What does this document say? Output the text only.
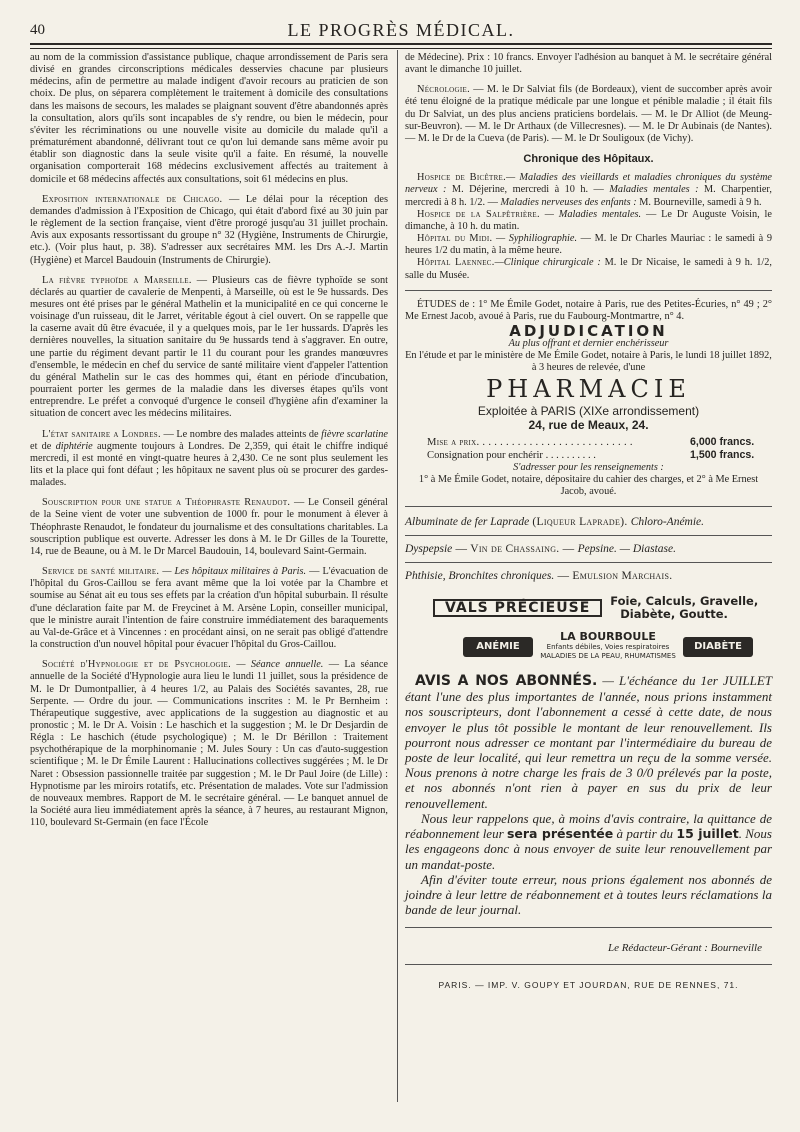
40	LE PROGRÈS MÉDICAL.

au nom de la commission d'assistance publique, chaque arrondissement de Paris sera divisé en grandes circonscriptions médicales desservies chacune par plusieurs médecins, afin de permettre au malade indigent d'avoir recours au praticien de son choix. De plus, on séparera complètement le traitement à domicile des consultations dans les maisons de secours, les malades se plaignant souvent d'être abandonnés après la consultation, alors qu'ils sont incapables de s'y rendre, ou bien le médecin, pour s'éviter les récriminations ou une nouvelle visite au domicile du malade qu'il a prématurément abandonné, délivrant tout ce qu'on lui demande sans même avoir pu établir son diagnostic dans la seule visite qu'il a faite. En résumé, la nouvelle organisation comporterait 168 médecins exclusivement affectés au traitement à domicile et 68 médecins affectés aux consultations, soit 61 médecins en plus.

Exposition internationale de Chicago. — Le délai pour la réception des demandes d'admission à l'Exposition de Chicago, qui était d'abord fixé au 30 juin par le règlement de la section française, vient d'être prorogé jusqu'au 31 juillet prochain. Avis aux exposants ressortissant du groupe n° 32 (Hygiène, Instruments de Chirurgie, etc.). (Voir plus haut, p. 38). S'adresser aux secrétaires MM. les Drs A.-J. Martin (Hygiène) et Marcel Baudouin (Instruments de Chirurgie).

La fièvre typhoïde a Marseille. — Plusieurs cas de fièvre typhoïde se sont déclarés au quartier de cavalerie de Menpenti, à Marseille, où est le 9e hussards. Des mesures ont été prises par le général Mathelin et la municipalité en ce qui concerne le voisinage d'un ruisseau, dit le Jarret, véritable égout à ciel ouvert. On se rappelle que la caserne avait dû être évacuée, il y a quelques mois, par le 1er hussards. D'après les dernières nouvelles, la situation sanitaire du 9e hussards tend à s'aggraver. En outre, une partie du régiment devant partir le 11 du courant pour les grandes manœuvres d'ensemble, le médecin en chef du service de santé militaire vient d'appeler l'attention du général Mathelin sur le cas des hommes qui, étant en période d'incubation, pourraient porter les germes de la maladie dans les diverses étapes qu'ils vont entreprendre. Le préfet a convoqué d'urgence le conseil d'hygiène afin d'examiner la situation de concert avec les médecins militaires.

L'état sanitaire a Londres. — Le nombre des malades atteints de fièvre scarlatine et de diphtérie augmente toujours à Londres. De 2,359, qui était le chiffre indiqué mercredi, il est monté en vingt-quatre heures à 2,430. Ce ne sont plus seulement les lits et la place qui font défaut ; les hôpitaux ne savent plus où se procurer des gardes-malades.

Souscription pour une statue a Théophraste Renaudot. — Le Conseil général de la Seine vient de voter une subvention de 1000 fr. pour le monument à élever à Théophraste Renaudot, le fondateur du journalisme et des consultations charitables. La souscription publique est ouverte. Adresser les dons à M. le Dr Gilles de la Tourette, 14, rue de Beaune, ou à M. le Dr Marcel Baudouin, 14, boulevard Saint-Germain.

Service de santé militaire. — Les hôpitaux militaires à Paris. — L'évacuation de l'hôpital du Gros-Caillou se fera avant même que la loi votée par la Chambre et soumise au Sénat ait eu tous ses effets par la création d'un hôpital suburbain. Il résulte d'une déclaration faite par M. de Freycinet à M. Arsène Lopin, conseiller municipal, que le ministre aurait l'intention de faire construire immédiatement des baraquements au Val-de-Grâce et à Vincennes : en procédant ainsi, on ne serait pas obligé d'attendre la construction d'un nouvel hôpital pour évacuer l'hôpital du Gros-Caillou.

Société d'Hypnologie et de Psychologie. — Séance annuelle. — La séance annuelle de la Société d'Hypnologie aura lieu le lundi 11 juillet, sous la présidence de M. le Dr Dumontpallier, à 4 heures 1/2, au Palais des Sociétés savantes, 28, rue Serpente. — Ordre du jour. — Communications inscrites : M. le Pr Bernheim : Thérapeutique suggestive, avec applications de la suggestion au diagnostic et au pronostic ; M. le Dr A. Voisin : Le haschich et la suggestion ; M. le Dr Desjardin de Régla : Le haschich (étude psychologique) ; M. le Dr Bérillon : Traitement psychothérapique de la morphinomanie ; M. Jules Soury : Un cas d'auto-suggestion scientifique ; M. le Dr Émile Laurent : Hallucinations collectives suggérées ; M. le Dr Naret : Obsession passionnelle traitée par suggestion ; M. le Dr Paul Joire (de Lille) : Hypnotisme par les miroirs rotatifs, etc. Présentation de malades. Vote sur l'admission de nouveaux membres. Rapport de M. le secrétaire général. — Le banquet annuel de la Société aura lieu immédiatement après la séance, à 7 heures, au restaurant Mignon, 110, boulevard St-Germain (en face l'École

de Médecine). Prix : 10 francs. Envoyer l'adhésion au banquet à M. le secrétaire général avant le dimanche 10 juillet.

Nécrologie. — M. le Dr Salviat fils (de Bordeaux), vient de succomber après avoir été tenu éloigné de la pratique médicale par une longue et pénible maladie ; il était fils du Dr Salviat, un des plus anciens praticiens bordelais. — M. le Dr Alliot (de Meung-sur-Beuvron). — M. le Dr Arthaux (de Villecresnes). — M. le Dr Aubinais (de Nantes). — M. le Dr de la Cueva (de Paris). — M. le Dr Souligoux (de Vichy).

Chronique des Hôpitaux.

Hospice de Bicêtre.— Maladies des vieillards et maladies chroniques du système nerveux : M. Déjerine, mercredi à 10 h. — Maladies mentales : M. Charpentier, mercredi à 8 h. 1/2. — Maladies nerveuses des enfants : M. Bourneville, samedi à 9 h.

Hospice de la Salpêtrière. — Maladies mentales. — Le Dr Auguste Voisin, le dimanche, à 10 h. du matin.

Hôpital du Midi. — Syphiliographie. — M. le Dr Charles Mauriac : le samedi à 9 heures 1/2 du matin, à la même heure.

Hôpital Laennec.—Clinique chirurgicale : M. le Dr Nicaise, le samedi à 9 h. 1/2, salle du Musée.

ÉTUDES de : 1° Me Émile Godet, notaire à Paris, rue des Petites-Écuries, n° 49 ; 2° Me Ernest Jacob, avoué à Paris, rue du Faubourg-Montmartre, n° 4.

ADJUDICATION
Au plus offrant et dernier enchérisseur

En l'étude et par le ministère de Me Émile Godet, notaire à Paris, le lundi 18 juillet 1892, à 3 heures de relevée, d'une

PHARMACIE
Exploitée à PARIS (XIXe arrondissement)
24, rue de Meaux, 24.
Mise a prix. . . . . . . . . . . . . . . . . . . . . . . . . . .	6,000 francs.
Consignation pour enchérir . . . . . . . . . .	1,500 francs.
S'adresser pour les renseignements :

1° à Me Émile Godet, notaire, dépositaire du cahier des charges, et 2° à Me Ernest Jacob, avoué.

Albuminate de fer Laprade (Liqueur Laprade). Chloro-Anémie.

Dyspepsie — Vin de Chassaing. — Pepsine. — Diastase.

Phthisie, Bronchites chroniques. — Emulsion Marchais.

VALS PRÉCIEUSE	Foie, Calculs, Gravelle,
Diabète, Goutte.
ANÉMIE
LA BOURBOULE
Enfants débiles, Voies respiratoires
MALADIES DE LA PEAU, RHUMATISMES
DIABÈTE

AVIS A NOS ABONNÉS. — L'échéance du 1er JUILLET étant l'une des plus importantes de l'année, nous prions instamment nos souscripteurs, dont l'abonnement a cessé à cette date, de nous envoyer le plus tôt possible le montant de leur renouvellement. Ils pourront nous adresser ce montant par l'intermédiaire du bureau de poste de leur localité, qui leur remettra un reçu de la somme versée. Nous prenons à notre charge les frais de 3 0/0 prélevés par la poste, et nos abonnés n'ont rien à payer en sus du prix de leur renouvellement.

Nous leur rappelons que, à moins d'avis contraire, la quittance de réabonnement leur sera présentée à partir du 15 juillet. Nous les engageons donc à nous envoyer de suite leur renouvellement par un mandat-poste.

Afin d'éviter toute erreur, nous prions également nos abonnés de joindre à leur lettre de réabonnement et à toutes leurs réclamations la bande de leur journal.

Le Rédacteur-Gérant : Bourneville
PARIS. — IMP. V. GOUPY ET JOURDAN, RUE DE RENNES, 71.
